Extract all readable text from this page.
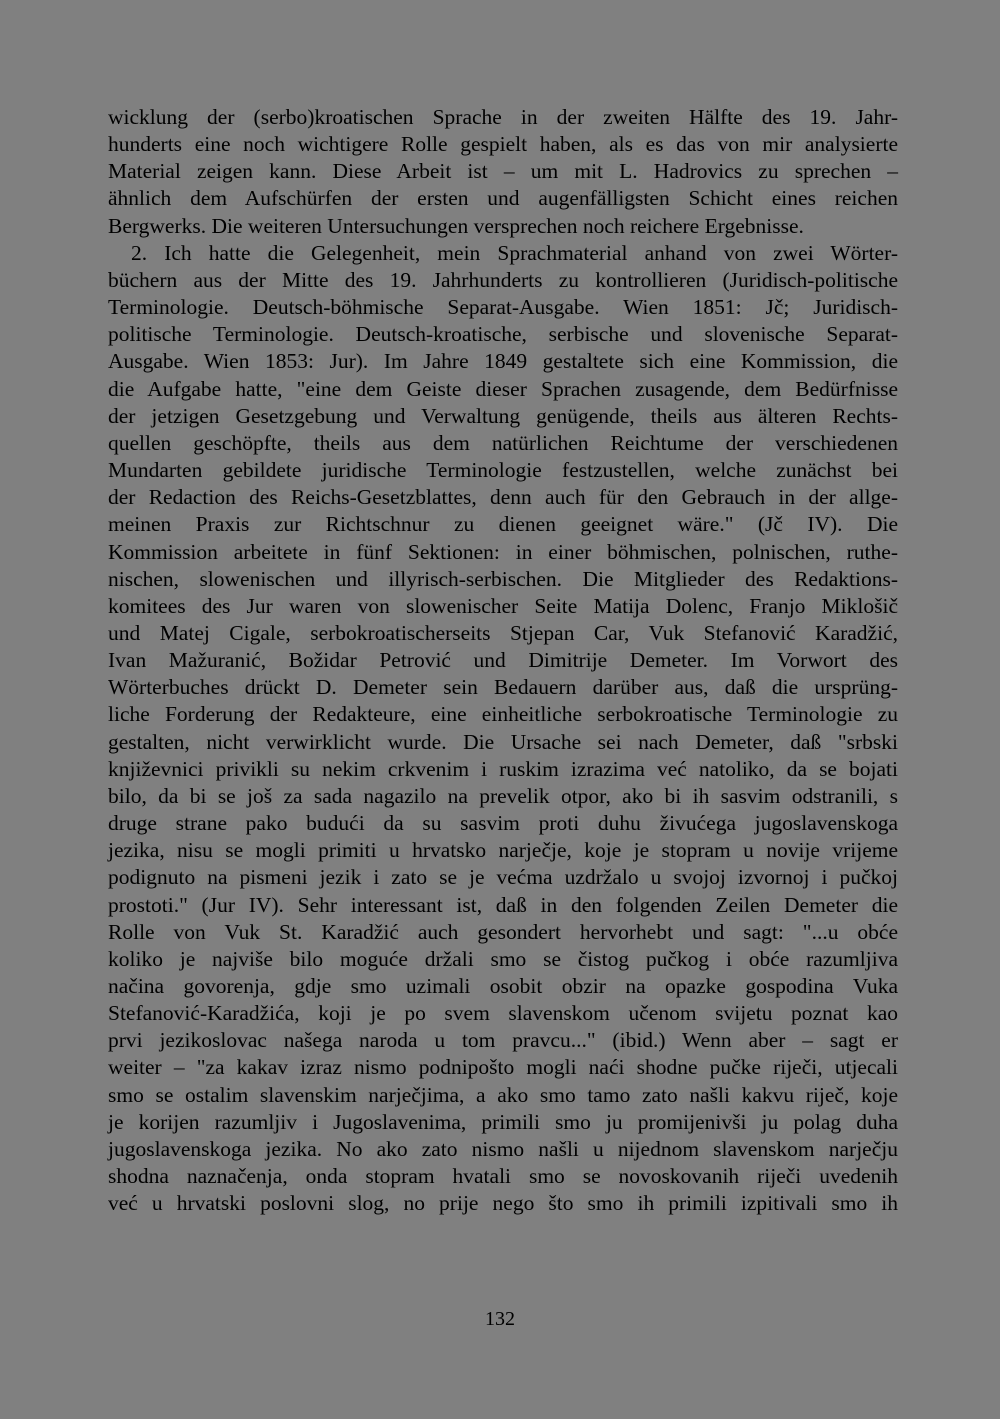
wicklung der (serbo)kroatischen Sprache in der zweiten Hälfte des 19. Jahr-
hunderts eine noch wichtigere Rolle gespielt haben, als es das von mir analysierte
Material zeigen kann. Diese Arbeit ist – um mit L. Hadrovics zu sprechen –
ähnlich dem Aufschürfen der ersten und augenfälligsten Schicht eines reichen
Bergwerks. Die weiteren Untersuchungen versprechen noch reichere Ergebnisse.
2. Ich hatte die Gelegenheit, mein Sprachmaterial anhand von zwei Wörter-
büchern aus der Mitte des 19. Jahrhunderts zu kontrollieren (Juridisch-politische
Terminologie. Deutsch-böhmische Separat-Ausgabe. Wien 1851: Jč; Juridisch-
politische Terminologie. Deutsch-kroatische, serbische und slovenische Separat-
Ausgabe. Wien 1853: Jur). Im Jahre 1849 gestaltete sich eine Kommission, die
die Aufgabe hatte, "eine dem Geiste dieser Sprachen zusagende, dem Bedürfnisse
der jetzigen Gesetzgebung und Verwaltung genügende, theils aus älteren Rechts-
quellen geschöpfte, theils aus dem natürlichen Reichtume der verschiedenen
Mundarten gebildete juridische Terminologie festzustellen, welche zunächst bei
der Redaction des Reichs-Gesetzblattes, denn auch für den Gebrauch in der allge-
meinen Praxis zur Richtschnur zu dienen geeignet wäre." (Jč IV). Die
Kommission arbeitete in fünf Sektionen: in einer böhmischen, polnischen, ruthe-
nischen, slowenischen und illyrisch-serbischen. Die Mitglieder des Redaktions-
komitees des Jur waren von slowenischer Seite Matija Dolenc, Franjo Miklošič
und Matej Cigale, serbokroatischerseits Stjepan Car, Vuk Stefanović Karadžić,
Ivan Mažuranić, Božidar Petrović und Dimitrije Demeter. Im Vorwort des
Wörterbuches drückt D. Demeter sein Bedauern darüber aus, daß die ursprüng-
liche Forderung der Redakteure, eine einheitliche serbokroatische Terminologie zu
gestalten, nicht verwirklicht wurde. Die Ursache sei nach Demeter, daß "srbski
književnici privikli su nekim crkvenim i ruskim izrazima već natoliko, da se bojati
bilo, da bi se još za sada nagazilo na prevelik otpor, ako bi ih sasvim odstranili, s
druge strane pako budući da su sasvim proti duhu živućega jugoslavenskoga
jezika, nisu se mogli primiti u hrvatsko narječje, koje je stopram u novije vrijeme
podignuto na pismeni jezik i zato se je većma uzdržalo u svojoj izvornoj i pučkoj
prostoti." (Jur IV). Sehr interessant ist, daß in den folgenden Zeilen Demeter die
Rolle von Vuk St. Karadžić auch gesondert hervorhebt und sagt: "...u obće
koliko je najviše bilo moguće držali smo se čistog pučkog i obće razumljiva
načina govorenja, gdje smo uzimali osobit obzir na opazke gospodina Vuka
Stefanović-Karadžića, koji je po svem slavenskom učenom svijetu poznat kao
prvi jezikoslovac našega naroda u tom pravcu..." (ibid.) Wenn aber – sagt er
weiter – "za kakav izraz nismo podnipošto mogli naći shodne pučke riječi, utjecali
smo se ostalim slavenskim narječjima, a ako smo tamo zato našli kakvu riječ, koje
je korijen razumljiv i Jugoslavenima, primili smo ju promijenivši ju polag duha
jugoslavenskoga jezika. No ako zato nismo našli u nijednom slavenskom narječju
shodna naznačenja, onda stopram hvatali smo se novoskovanih riječi uvedenih
već u hrvatski poslovni slog, no prije nego što smo ih primili izpitivali smo ih
132
